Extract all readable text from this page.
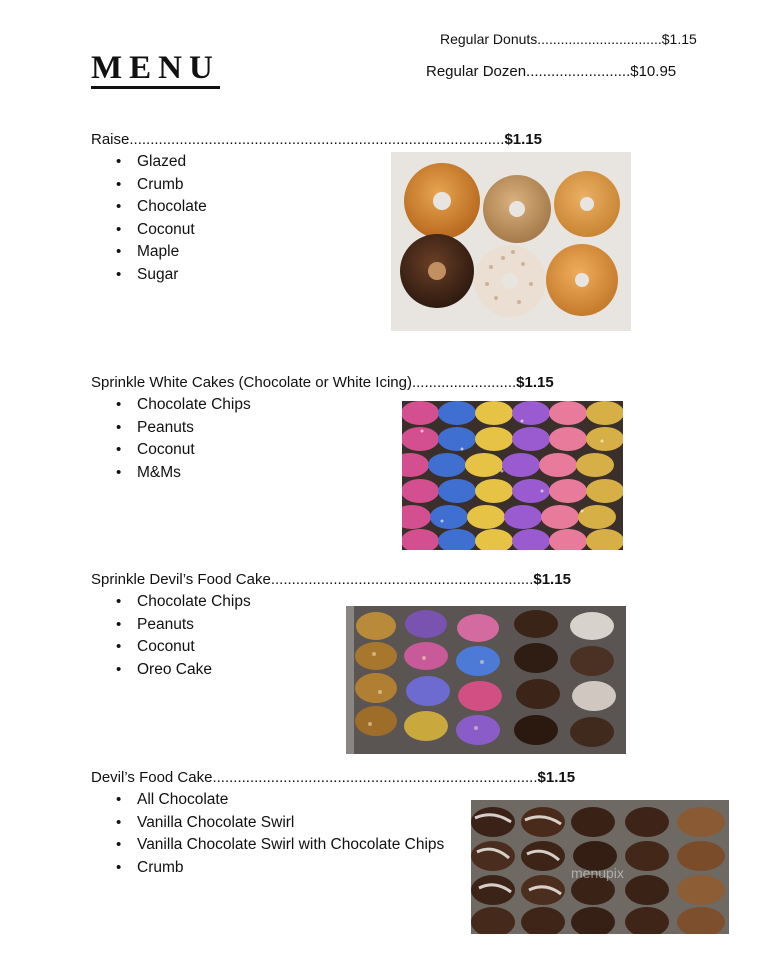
MENU
Regular Donuts................................$1.15
Regular Dozen.........................$10.95
Raise..........................................................................................$1.15
• Glazed
• Crumb
• Chocolate
• Coconut
• Maple
• Sugar
Sprinkle White Cakes (Chocolate or White Icing).........................$1.15
• Chocolate Chips
• Peanuts
• Coconut
• M&Ms
Sprinkle Devil’s Food Cake...............................................................$1.15
• Chocolate Chips
• Peanuts
• Coconut
• Oreo Cake
Devil’s Food Cake..............................................................................$1.15
• All Chocolate
• Vanilla Chocolate Swirl
• Vanilla Chocolate Swirl with Chocolate Chips
• Crumb	menupix
